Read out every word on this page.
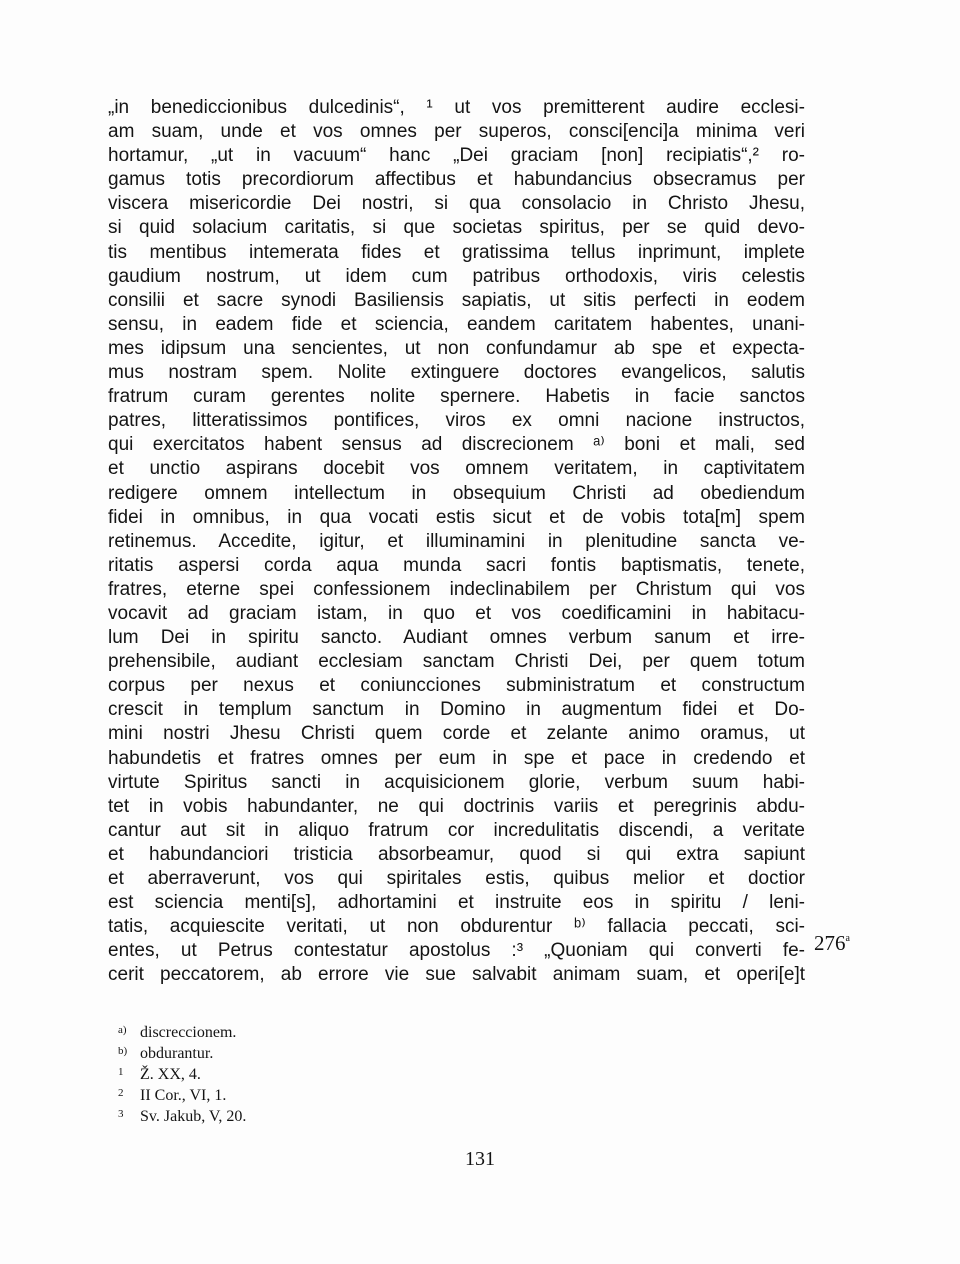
„in benediccionibus dulcedinis“, ¹ ut vos premitterent audire ecclesi-
am suam, unde et vos omnes per superos, consci[enci]a minima veri
hortamur, „ut in vacuum“ hanc „Dei graciam [non] recipiatis“,² ro-
gamus totis precordiorum affectibus et habundancius obsecramus per
viscera misericordie Dei nostri, si qua consolacio in Christo Jhesu,
si quid solacium caritatis, si que societas spiritus, per se quid devo-
tis mentibus intemerata fides et gratissima tellus inprimunt, implete
gaudium nostrum, ut idem cum patribus orthodoxis, viris celestis
consilii et sacre synodi Basiliensis sapiatis, ut sitis perfecti in eodem
sensu, in eadem fide et sciencia, eandem caritatem habentes, unani-
mes idipsum una sencientes, ut non confundamur ab spe et expecta-
mus nostram spem. Nolite extinguere doctores evangelicos, salutis
fratrum curam gerentes nolite spernere. Habetis in facie sanctos
patres, litteratissimos pontifices, viros ex omni nacione instructos,
qui exercitatos habent sensus ad discrecionem ᵃ⁾ boni et mali, sed
et unctio aspirans docebit vos omnem veritatem, in captivitatem
redigere omnem intellectum in obsequium Christi ad obediendum
fidei in omnibus, in qua vocati estis sicut et de vobis tota[m] spem
retinemus. Accedite, igitur, et illuminamini in plenitudine sancta ve-
ritatis aspersi corda aqua munda sacri fontis baptismatis, tenete,
fratres, eterne spei confessionem indeclinabilem per Christum qui vos
vocavit ad graciam istam, in quo et vos coedificamini in habitacu-
lum Dei in spiritu sancto. Audiant omnes verbum sanum et irre-
prehensibile, audiant ecclesiam sanctam Christi Dei, per quem totum
corpus per nexus et coniuncciones subministratum et constructum
crescit in templum sanctum in Domino in augmentum fidei et Do-
mini nostri Jhesu Christi quem corde et zelante animo oramus, ut
habundetis et fratres omnes per eum in spe et pace in credendo et
virtute Spiritus sancti in acquisicionem glorie, verbum suum habi-
tet in vobis habundanter, ne qui doctrinis variis et peregrinis abdu-
cantur aut sit in aliquo fratrum cor incredulitatis discendi, a veritate
et habundanciori tristicia absorbeamur, quod si qui extra sapiunt
et aberraverunt, vos qui spiritales estis, quibus melior et doctior
est sciencia menti[s], adhortamini et instruite eos in spiritu / leni-
tatis, acquiescite veritati, ut non obdurentur ᵇ⁾ fallacia peccati, sci-
entes, ut Petrus contestatur apostolus :³ „Quoniam qui converti fe-
cerit peccatorem, ab errore vie sue salvabit animam suam, et operi[e]t
276$^a$
a) discreccionem.
b) obdurantur.
1 Ž. XX, 4.
2 II Cor., VI, 1.
3 Sv. Jakub, V, 20.
131
